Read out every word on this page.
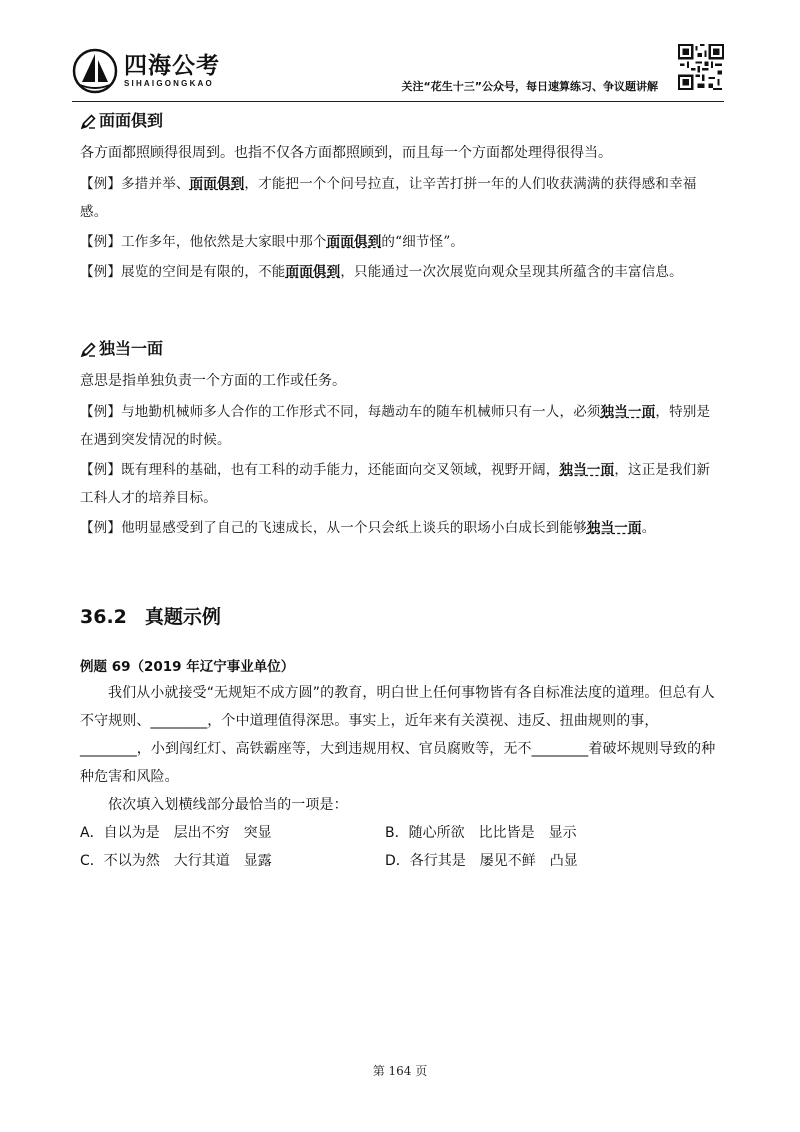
四海公考
SIHAIGONGKAO	关注“花生十三”公众号，每日速算练习、争议题讲解
面面俱到
各方面都照顾得很周到。也指不仅各方面都照顾到，而且每一个方面都处理得很得当。
【例】多措并举、面面俱到，才能把一个个问号拉直，让辛苦打拼一年的人们收获满满的获得感和幸福感。
【例】工作多年，他依然是大家眼中那个面面俱到的“细节怪”。
【例】展览的空间是有限的，不能面面俱到，只能通过一次次展览向观众呈现其所蕴含的丰富信息。
独当一面
意思是指单独负责一个方面的工作或任务。
【例】与地勤机械师多人合作的工作形式不同，每趟动车的随车机械师只有一人，必须独当一面，特别是在遇到突发情况的时候。
【例】既有理科的基础，也有工科的动手能力，还能面向交叉领域，视野开阔，独当一面，这正是我们新工科人才的培养目标。
【例】他明显感受到了自己的飞速成长，从一个只会纸上谈兵的职场小白成长到能够独当一面。
36.2 真题示例
例题 69（2019 年辽宁事业单位）
我们从小就接受“无规矩不成方圆”的教育，明白世上任何事物皆有各自标准法度的道理。但总有人不守规则、________，个中道理值得深思。事实上，近年来有关漠视、违反、扭曲规则的事，________，小到闯红灯、高铁霸座等，大到违规用权、官员腐败等，无不________着破坏规则导致的种种危害和风险。
依次填入划横线部分最恰当的一项是：
A．自以为是　层出不穷　突显	B．随心所欲　比比皆是　显示
C．不以为然　大行其道　显露	D．各行其是　屡见不鲜　凸显
第 164 页
